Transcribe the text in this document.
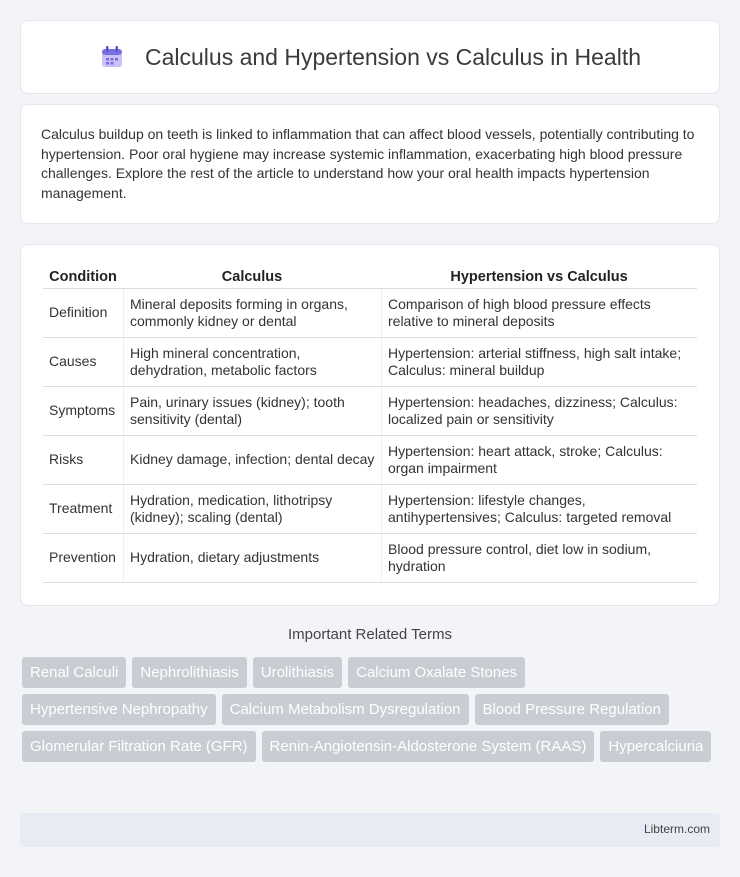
Calculus and Hypertension vs Calculus in Health

Calculus buildup on teeth is linked to inflammation that can affect blood vessels, potentially contributing to hypertension. Poor oral hygiene may increase systemic inflammation, exacerbating high blood pressure challenges. Explore the rest of the article to understand how your oral health impacts hypertension management.

Condition	Calculus	Hypertension vs Calculus
Definition	Mineral deposits forming in organs, commonly kidney or dental	Comparison of high blood pressure effects relative to mineral deposits
Causes	High mineral concentration, dehydration, metabolic factors	Hypertension: arterial stiffness, high salt intake; Calculus: mineral buildup
Symptoms	Pain, urinary issues (kidney); tooth sensitivity (dental)	Hypertension: headaches, dizziness; Calculus: localized pain or sensitivity
Risks	Kidney damage, infection; dental decay	Hypertension: heart attack, stroke; Calculus: organ impairment
Treatment	Hydration, medication, lithotripsy (kidney); scaling (dental)	Hypertension: lifestyle changes, antihypertensives; Calculus: targeted removal
Prevention	Hydration, dietary adjustments	Blood pressure control, diet low in sodium, hydration
Important Related Terms
Renal Calculi	Nephrolithiasis	Urolithiasis	Calcium Oxalate Stones
Hypertensive Nephropathy	Calcium Metabolism Dysregulation	Blood Pressure Regulation
Glomerular Filtration Rate (GFR)	Renin-Angiotensin-Aldosterone System (RAAS)	Hypercalciuria
Libterm.com
